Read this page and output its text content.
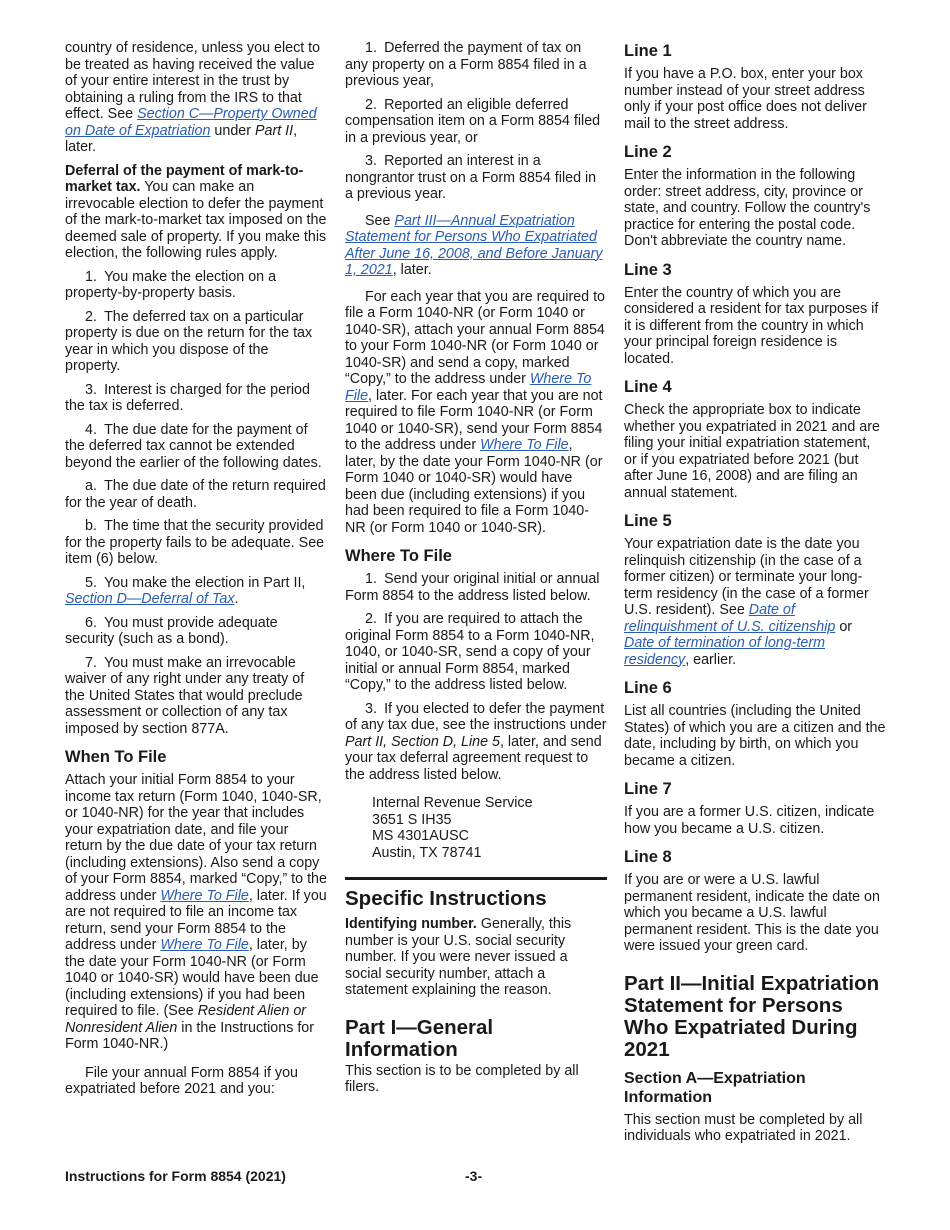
country of residence, unless you elect to be treated as having received the value of your entire interest in the trust by obtaining a ruling from the IRS to that effect. See Section C—Property Owned on Date of Expatriation under Part II, later.

Deferral of the payment of mark-to-market tax. You can make an irrevocable election to defer the payment of the mark-to-market tax imposed on the deemed sale of property. If you make this election, the following rules apply.

1. You make the election on a property-by-property basis.

2. The deferred tax on a particular property is due on the return for the tax year in which you dispose of the property.

3. Interest is charged for the period the tax is deferred.

4. The due date for the payment of the deferred tax cannot be extended beyond the earlier of the following dates.

a. The due date of the return required for the year of death.

b. The time that the security provided for the property fails to be adequate. See item (6) below.

5. You make the election in Part II, Section D—Deferral of Tax.

6. You must provide adequate security (such as a bond).

7. You must make an irrevocable waiver of any right under any treaty of the United States that would preclude assessment or collection of any tax imposed by section 877A.

When To File

Attach your initial Form 8854 to your income tax return (Form 1040, 1040-SR, or 1040-NR) for the year that includes your expatriation date, and file your return by the due date of your tax return (including extensions). Also send a copy of your Form 8854, marked “Copy,” to the address under Where To File, later. If you are not required to file an income tax return, send your Form 8854 to the address under Where To File, later, by the date your Form 1040-NR (or Form 1040 or 1040-SR) would have been due (including extensions) if you had been required to file. (See Resident Alien or Nonresident Alien in the Instructions for Form 1040-NR.)

File your annual Form 8854 if you expatriated before 2021 and you:

1. Deferred the payment of tax on any property on a Form 8854 filed in a previous year,

2. Reported an eligible deferred compensation item on a Form 8854 filed in a previous year, or

3. Reported an interest in a nongrantor trust on a Form 8854 filed in a previous year.

See Part III—Annual Expatriation Statement for Persons Who Expatriated After June 16, 2008, and Before January 1, 2021, later.

For each year that you are required to file a Form 1040-NR (or Form 1040 or 1040-SR), attach your annual Form 8854 to your Form 1040-NR (or Form 1040 or 1040-SR) and send a copy, marked “Copy,” to the address under Where To File, later. For each year that you are not required to file Form 1040-NR (or Form 1040 or 1040-SR), send your Form 8854 to the address under Where To File, later, by the date your Form 1040-NR (or Form 1040 or 1040-SR) would have been due (including extensions) if you had been required to file a Form 1040-NR (or Form 1040 or 1040-SR).

Where To File

1. Send your original initial or annual Form 8854 to the address listed below.

2. If you are required to attach the original Form 8854 to a Form 1040-NR, 1040, or 1040-SR, send a copy of your initial or annual Form 8854, marked “Copy,” to the address listed below.

3. If you elected to defer the payment of any tax due, see the instructions under Part II, Section D, Line 5, later, and send your tax deferral agreement request to the address listed below.

Internal Revenue Service

3651 S IH35

MS 4301AUSC

Austin, TX 78741

Specific Instructions

Identifying number. Generally, this number is your U.S. social security number. If you were never issued a social security number, attach a statement explaining the reason.

Part I—General Information

This section is to be completed by all filers.

Line 1

If you have a P.O. box, enter your box number instead of your street address only if your post office does not deliver mail to the street address.

Line 2

Enter the information in the following order: street address, city, province or state, and country. Follow the country's practice for entering the postal code. Don't abbreviate the country name.

Line 3

Enter the country of which you are considered a resident for tax purposes if it is different from the country in which your principal foreign residence is located.

Line 4

Check the appropriate box to indicate whether you expatriated in 2021 and are filing your initial expatriation statement, or if you expatriated before 2021 (but after June 16, 2008) and are filing an annual statement.

Line 5

Your expatriation date is the date you relinquish citizenship (in the case of a former citizen) or terminate your long-term residency (in the case of a former U.S. resident). See Date of relinquishment of U.S. citizenship or Date of termination of long-term residency, earlier.

Line 6

List all countries (including the United States) of which you are a citizen and the date, including by birth, on which you became a citizen.

Line 7

If you are a former U.S. citizen, indicate how you became a U.S. citizen.

Line 8

If you are or were a U.S. lawful permanent resident, indicate the date on which you became a U.S. lawful permanent resident. This is the date you were issued your green card.

Part II—Initial Expatriation Statement for Persons Who Expatriated During 2021
Section A—Expatriation Information

This section must be completed by all individuals who expatriated in 2021.

Instructions for Form 8854 (2021)	-3-
